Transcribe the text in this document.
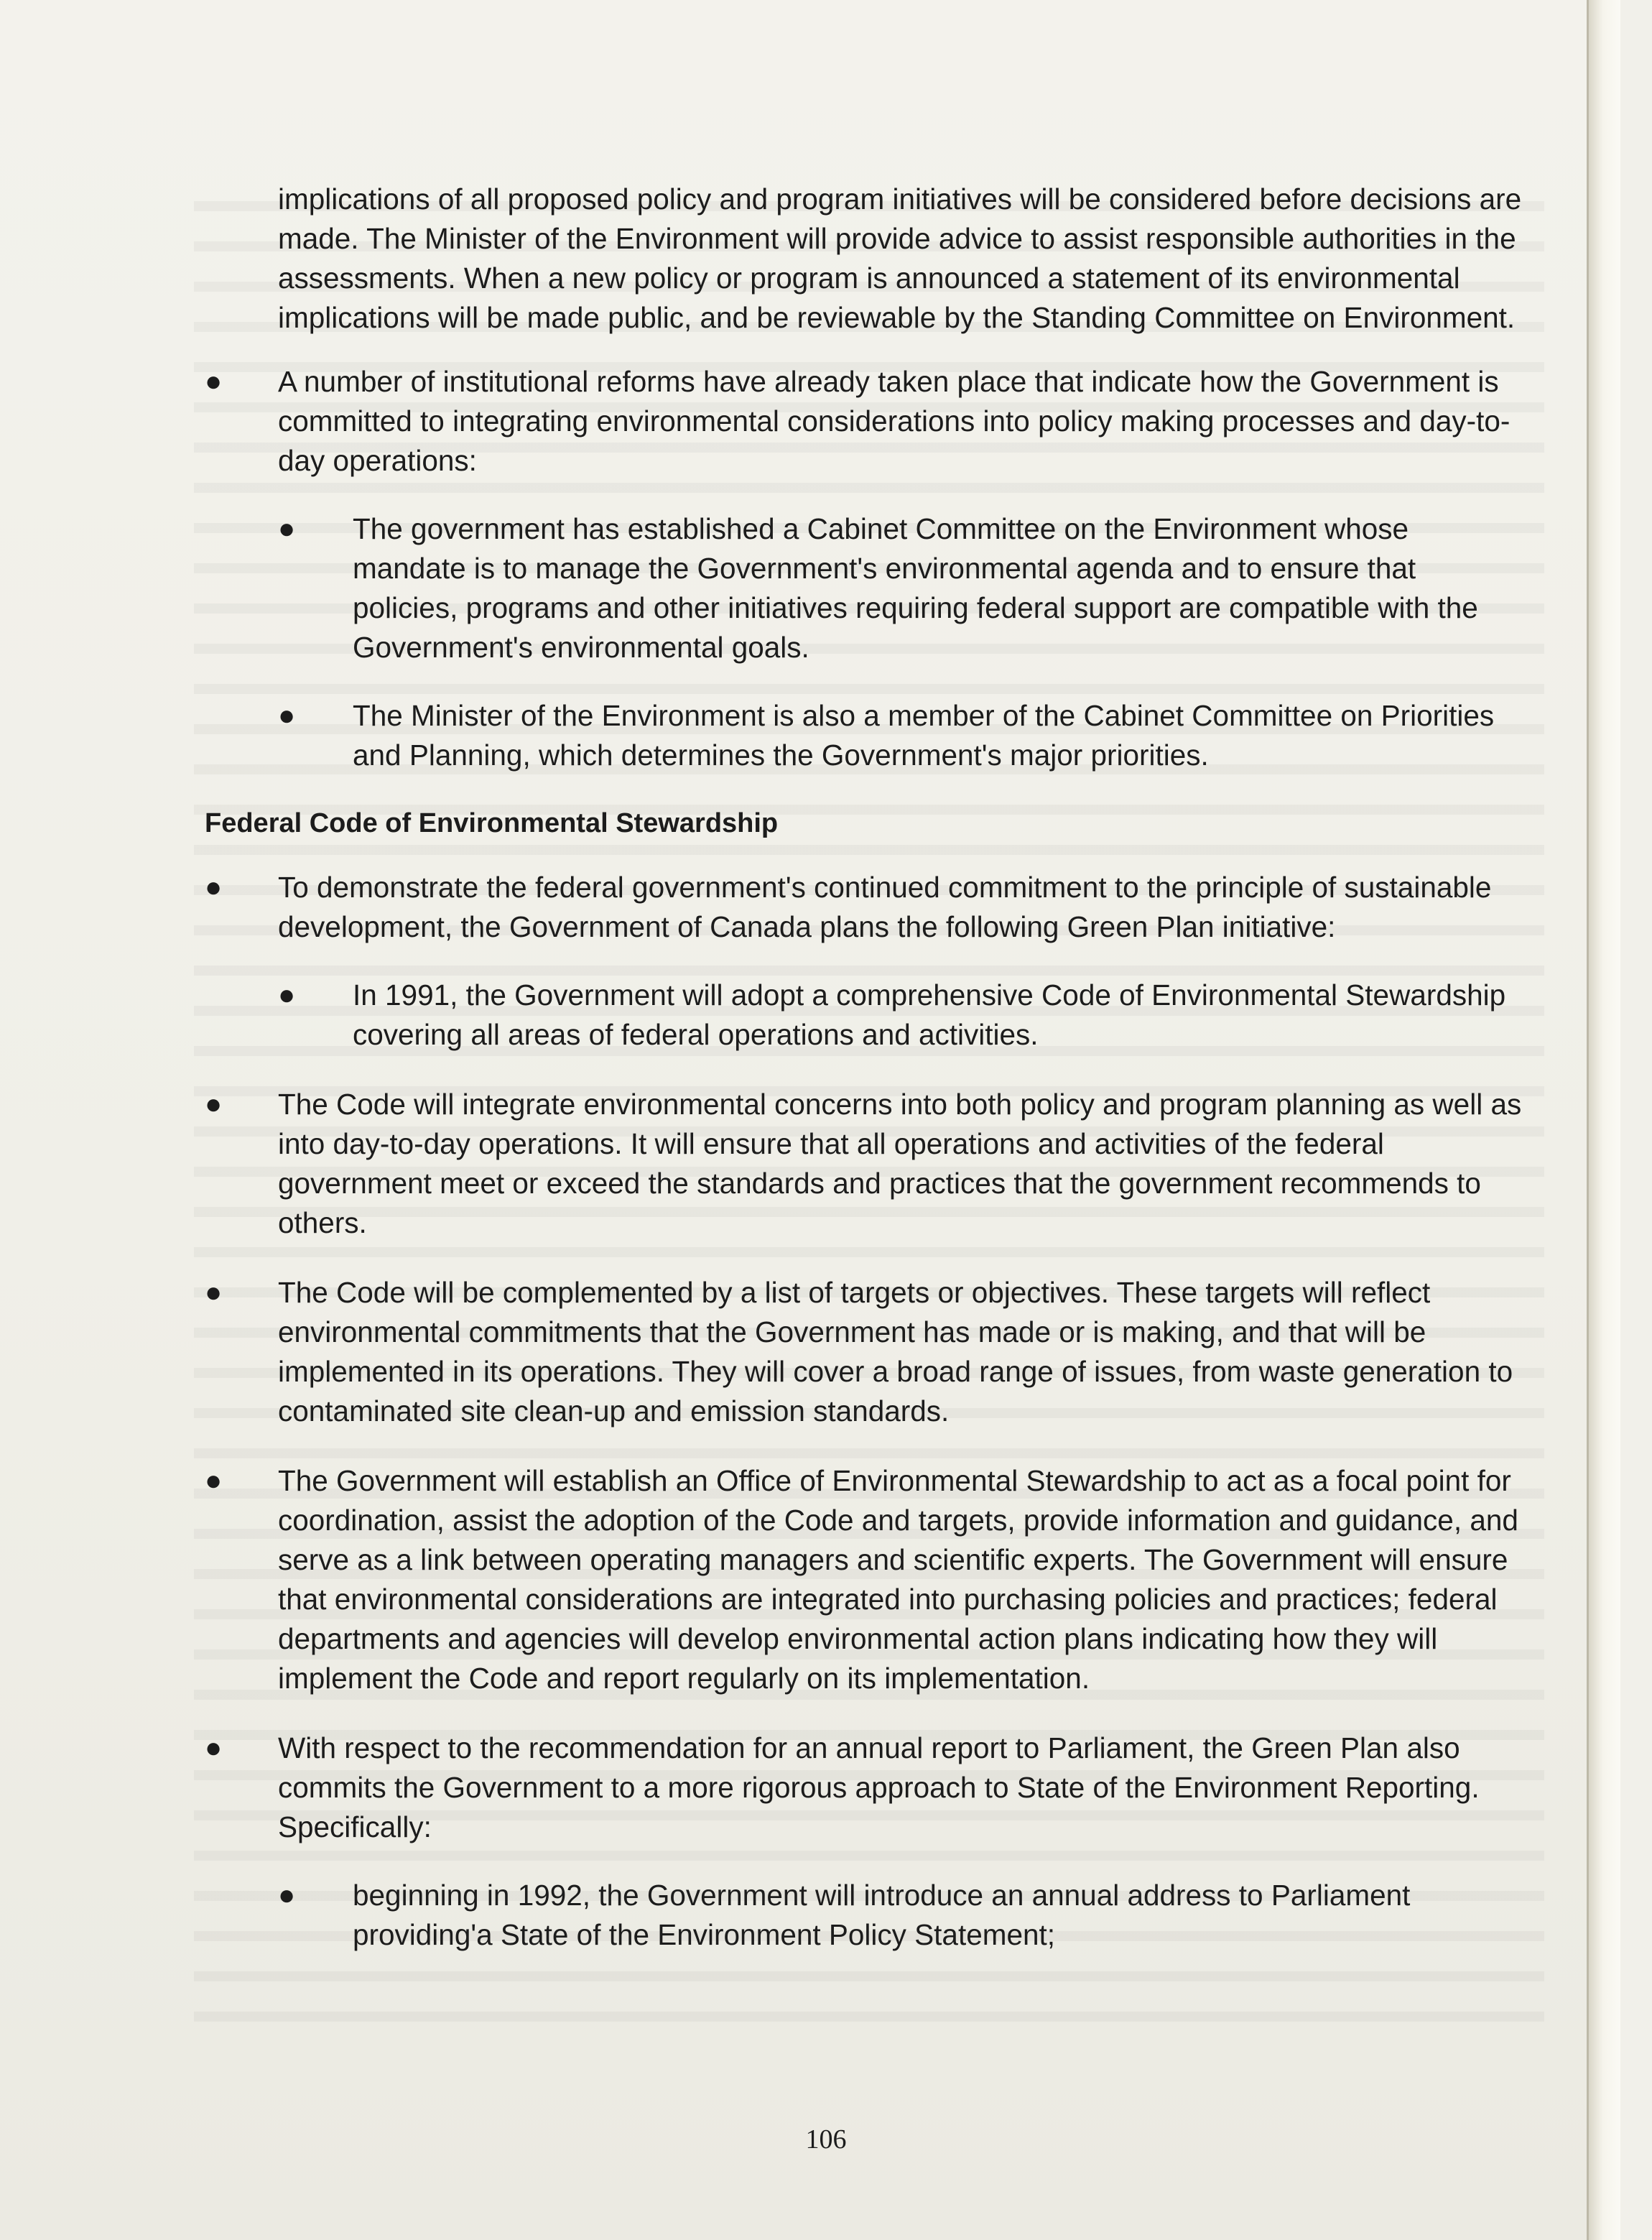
implications of all proposed policy and program initiatives will be considered before decisions are made. The Minister of the Environment will provide advice to assist responsible authorities in the assessments. When a new policy or program is announced a statement of its environmental implications will be made public, and be reviewable by the Standing Committee on Environment.

● A number of institutional reforms have already taken place that indicate how the Government is committed to integrating environmental considerations into policy making processes and day-to-day operations:

● The government has established a Cabinet Committee on the Environment whose mandate is to manage the Government's environmental agenda and to ensure that policies, programs and other initiatives requiring federal support are compatible with the Government's environmental goals.

● The Minister of the Environment is also a member of the Cabinet Committee on Priorities and Planning, which determines the Government's major priorities.

Federal Code of Environmental Stewardship
● To demonstrate the federal government's continued commitment to the principle of sustainable development, the Government of Canada plans the following Green Plan initiative:

● In 1991, the Government will adopt a comprehensive Code of Environmental Stewardship covering all areas of federal operations and activities.

● The Code will integrate environmental concerns into both policy and program planning as well as into day-to-day operations. It will ensure that all operations and activities of the federal government meet or exceed the standards and practices that the government recommends to others.

● The Code will be complemented by a list of targets or objectives. These targets will reflect environmental commitments that the Government has made or is making, and that will be implemented in its operations. They will cover a broad range of issues, from waste generation to contaminated site clean-up and emission standards.

● The Government will establish an Office of Environmental Stewardship to act as a focal point for coordination, assist the adoption of the Code and targets, provide information and guidance, and serve as a link between operating managers and scientific experts. The Government will ensure that environmental considerations are integrated into purchasing policies and practices; federal departments and agencies will develop environmental action plans indicating how they will implement the Code and report regularly on its implementation.

● With respect to the recommendation for an annual report to Parliament, the Green Plan also commits the Government to a more rigorous approach to State of the Environment Reporting. Specifically:

● beginning in 1992, the Government will introduce an annual address to Parliament providing'a State of the Environment Policy Statement;

106
